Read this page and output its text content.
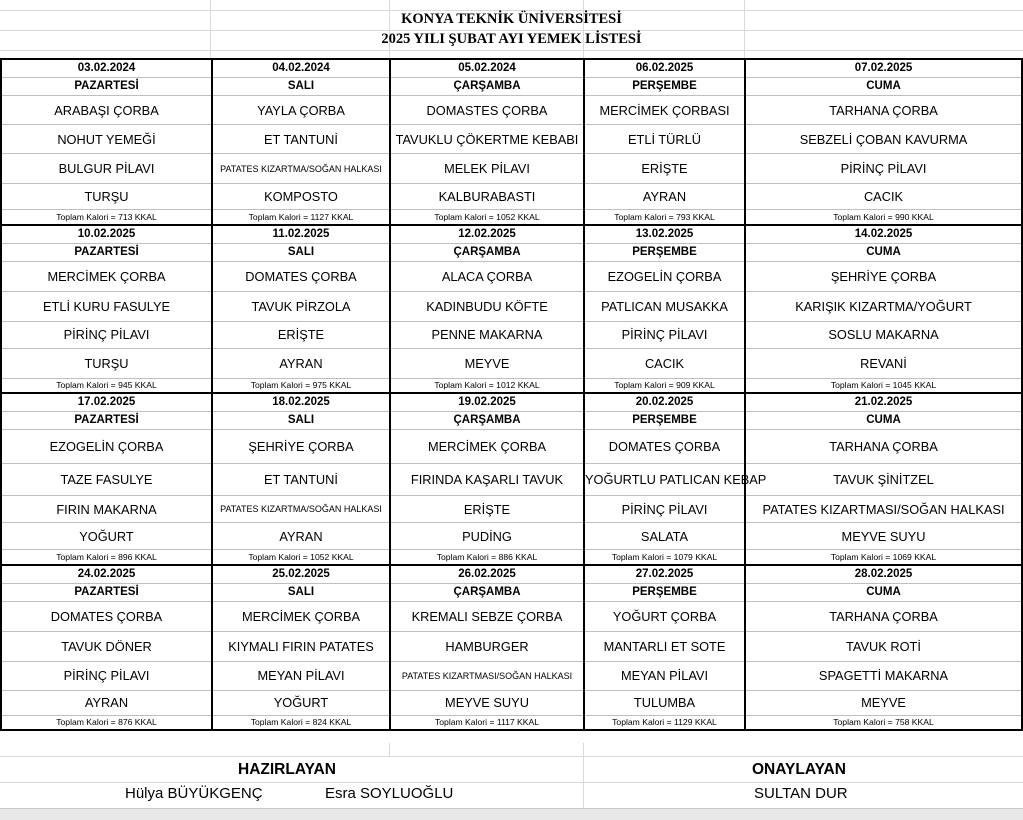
KONYA TEKNİK ÜNİVERSİTESİ
2025 YILI ŞUBAT AYI YEMEK LİSTESİ
03.02.2024	04.02.2024	05.02.2024	06.02.2025	07.02.2025
PAZARTESİ	SALI	ÇARŞAMBA	PERŞEMBE	CUMA
ARABAŞI ÇORBA	YAYLA ÇORBA	DOMASTES ÇORBA	MERCİMEK ÇORBASI	TARHANA ÇORBA
NOHUT YEMEĞİ	ET TANTUNİ	TAVUKLU ÇÖKERTME KEBABI	ETLİ TÜRLÜ	SEBZELİ ÇOBAN KAVURMA
BULGUR PİLAVI	PATATES KIZARTMA/SOĞAN HALKASI	MELEK PİLAVI	ERİŞTE	PİRİNÇ PİLAVI
TURŞU	KOMPOSTO	KALBURABASTI	AYRAN	CACIK
Toplam Kalori = 713 KKAL	Toplam Kalori = 1127 KKAL	Toplam Kalori = 1052 KKAL	Toplam Kalori = 793 KKAL	Toplam Kalori = 990 KKAL
10.02.2025	11.02.2025	12.02.2025	13.02.2025	14.02.2025
PAZARTESİ	SALI	ÇARŞAMBA	PERŞEMBE	CUMA
MERCİMEK ÇORBA	DOMATES ÇORBA	ALACA ÇORBA	EZOGELİN ÇORBA	ŞEHRİYE ÇORBA
ETLİ KURU FASULYE	TAVUK PİRZOLA	KADINBUDU KÖFTE	PATLICAN MUSAKKA	KARIŞIK KIZARTMA/YOĞURT
PİRİNÇ PİLAVI	ERİŞTE	PENNE MAKARNA	PİRİNÇ PİLAVI	SOSLU MAKARNA
TURŞU	AYRAN	MEYVE	CACIK	REVANİ
Toplam Kalori = 945 KKAL	Toplam Kalori = 975 KKAL	Toplam Kalori = 1012 KKAL	Toplam Kalori = 909 KKAL	Toplam Kalori = 1045 KKAL
17.02.2025	18.02.2025	19.02.2025	20.02.2025	21.02.2025
PAZARTESİ	SALI	ÇARŞAMBA	PERŞEMBE	CUMA
EZOGELİN ÇORBA	ŞEHRİYE ÇORBA	MERCİMEK ÇORBA	DOMATES ÇORBA	TARHANA ÇORBA
TAZE FASULYE	ET TANTUNİ	FIRINDA KAŞARLI TAVUK	YOĞURTLU PATLICAN KEBAP	TAVUK ŞİNİTZEL
FIRIN MAKARNA	PATATES KIZARTMA/SOĞAN HALKASI	ERİŞTE	PİRİNÇ PİLAVI	PATATES KIZARTMASI/SOĞAN HALKASI
YOĞURT	AYRAN	PUDİNG	SALATA	MEYVE SUYU
Toplam Kalori = 896 KKAL	Toplam Kalori = 1052 KKAL	Toplam Kalori = 886 KKAL	Toplam Kalori = 1079 KKAL	Toplam Kalori = 1069 KKAL
24.02.2025	25.02.2025	26.02.2025	27.02.2025	28.02.2025
PAZARTESİ	SALI	ÇARŞAMBA	PERŞEMBE	CUMA
DOMATES ÇORBA	MERCİMEK ÇORBA	KREMALI SEBZE ÇORBA	YOĞURT ÇORBA	TARHANA ÇORBA
TAVUK DÖNER	KIYMALI FIRIN PATATES	HAMBURGER	MANTARLI ET SOTE	TAVUK ROTİ
PİRİNÇ PİLAVI	MEYAN PİLAVI	PATATES KIZARTMASI/SOĞAN HALKASI	MEYAN PİLAVI	SPAGETTİ MAKARNA
AYRAN	YOĞURT	MEYVE SUYU	TULUMBA	MEYVE
Toplam Kalori = 876 KKAL	Toplam Kalori = 824 KKAL	Toplam Kalori = 1117 KKAL	Toplam Kalori = 1129 KKAL	Toplam Kalori = 758 KKAL
HAZIRLAYAN	ONAYLAYAN
Hülya BÜYÜKGENÇ	Esra SOYLUOĞLU	SULTAN DUR
